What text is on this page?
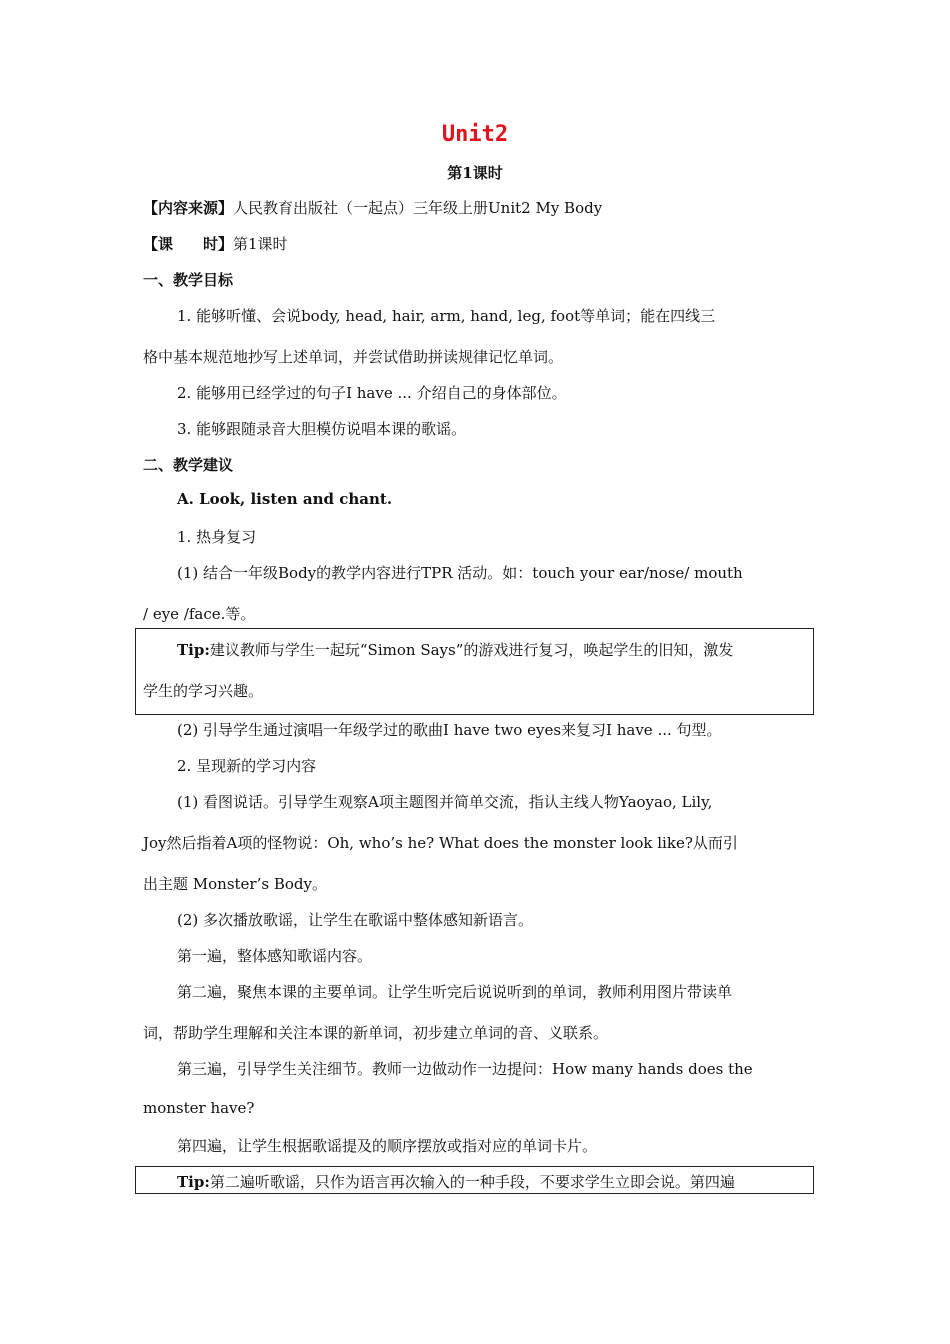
Unit2
第1课时
【内容来源】人民教育出版社（一起点）三年级上册Unit2 My Body
【课　　时】第1课时
一、教学目标
1. 能够听懂、会说body, head, hair, arm, hand, leg, foot等单词；能在四线三
格中基本规范地抄写上述单词，并尝试借助拼读规律记忆单词。
2. 能够用已经学过的句子I have ... 介绍自己的身体部位。
3. 能够跟随录音大胆模仿说唱本课的歌谣。
二、教学建议
A. Look, listen and chant.
1. 热身复习
(1) 结合一年级Body的教学内容进行TPR 活动。如：touch your ear/nose/ mouth
/ eye /face.等。
Tip:建议教师与学生一起玩“Simon Says”的游戏进行复习，唤起学生的旧知，激发
学生的学习兴趣。
(2) 引导学生通过演唱一年级学过的歌曲I have two eyes来复习I have ... 句型。
2. 呈现新的学习内容
(1) 看图说话。引导学生观察A项主题图并简单交流，指认主线人物Yaoyao, Lily,
Joy然后指着A项的怪物说：Oh, who’s he? What does the monster look like?从而引
出主题 Monster’s Body。
(2) 多次播放歌谣，让学生在歌谣中整体感知新语言。
第一遍，整体感知歌谣内容。
第二遍，聚焦本课的主要单词。让学生听完后说说听到的单词，教师利用图片带读单
词，帮助学生理解和关注本课的新单词，初步建立单词的音、义联系。
第三遍，引导学生关注细节。教师一边做动作一边提问：How many hands does the
monster have?
第四遍，让学生根据歌谣提及的顺序摆放或指对应的单词卡片。
Tip:第二遍听歌谣，只作为语言再次输入的一种手段，不要求学生立即会说。第四遍
